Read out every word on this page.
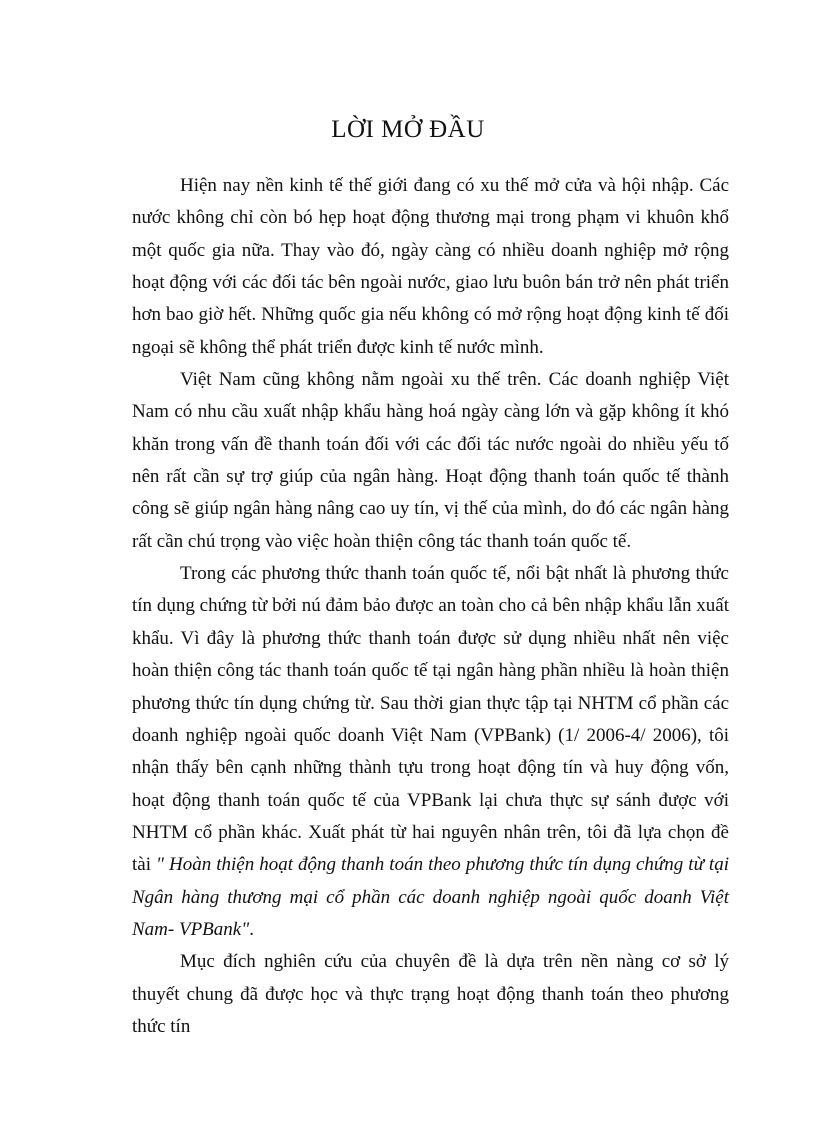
LỜI MỞ ĐẦU

Hiện nay nền kinh tế thế giới đang có xu thế mở cửa và hội nhập. Các nước không chỉ còn bó hẹp hoạt động thương mại trong phạm vi khuôn khổ một quốc gia nữa. Thay vào đó, ngày càng có nhiều doanh nghiệp mở rộng hoạt động với các đối tác bên ngoài nước, giao lưu buôn bán trở nên phát triển hơn bao giờ hết. Những quốc gia nếu không có mở rộng hoạt động kinh tế đối ngoại sẽ không thể phát triển được kinh tế nước mình.

Việt Nam cũng không nằm ngoài xu thế trên. Các doanh nghiệp Việt Nam có nhu cầu xuất nhập khẩu hàng hoá ngày càng lớn và gặp không ít khó khăn trong vấn đề thanh toán đối với các đối tác nước ngoài do nhiều yếu tố nên rất cần sự trợ giúp của ngân hàng. Hoạt động thanh toán quốc tế thành công sẽ giúp ngân hàng nâng cao uy tín, vị thế của mình, do đó các ngân hàng rất cần chú trọng vào việc hoàn thiện công tác thanh toán quốc tế.

Trong các phương thức thanh toán quốc tế, nổi bật nhất là phương thức tín dụng chứng từ bởi nú đảm bảo được an toàn cho cả bên nhập khẩu lẫn xuất khẩu. Vì đây là phương thức thanh toán được sử dụng nhiều nhất nên việc hoàn thiện công tác thanh toán quốc tế tại ngân hàng phần nhiều là hoàn thiện phương thức tín dụng chứng từ. Sau thời gian thực tập tại NHTM cổ phần các doanh nghiệp ngoài quốc doanh Việt Nam (VPBank) (1/ 2006-4/ 2006), tôi nhận thấy bên cạnh những thành tựu trong hoạt động tín và huy động vốn, hoạt động thanh toán quốc tế của VPBank lại chưa thực sự sánh được với NHTM cổ phần khác. Xuất phát từ hai nguyên nhân trên, tôi đã lựa chọn đề tài " Hoàn thiện hoạt động thanh toán theo phương thức tín dụng chứng từ tại Ngân hàng thương mại cổ phần các doanh nghiệp ngoài quốc doanh Việt Nam- VPBank".

Mục đích nghiên cứu của chuyên đề là dựa trên nền nàng cơ sở lý thuyết chung đã được học và thực trạng hoạt động thanh toán theo phương thức tín
